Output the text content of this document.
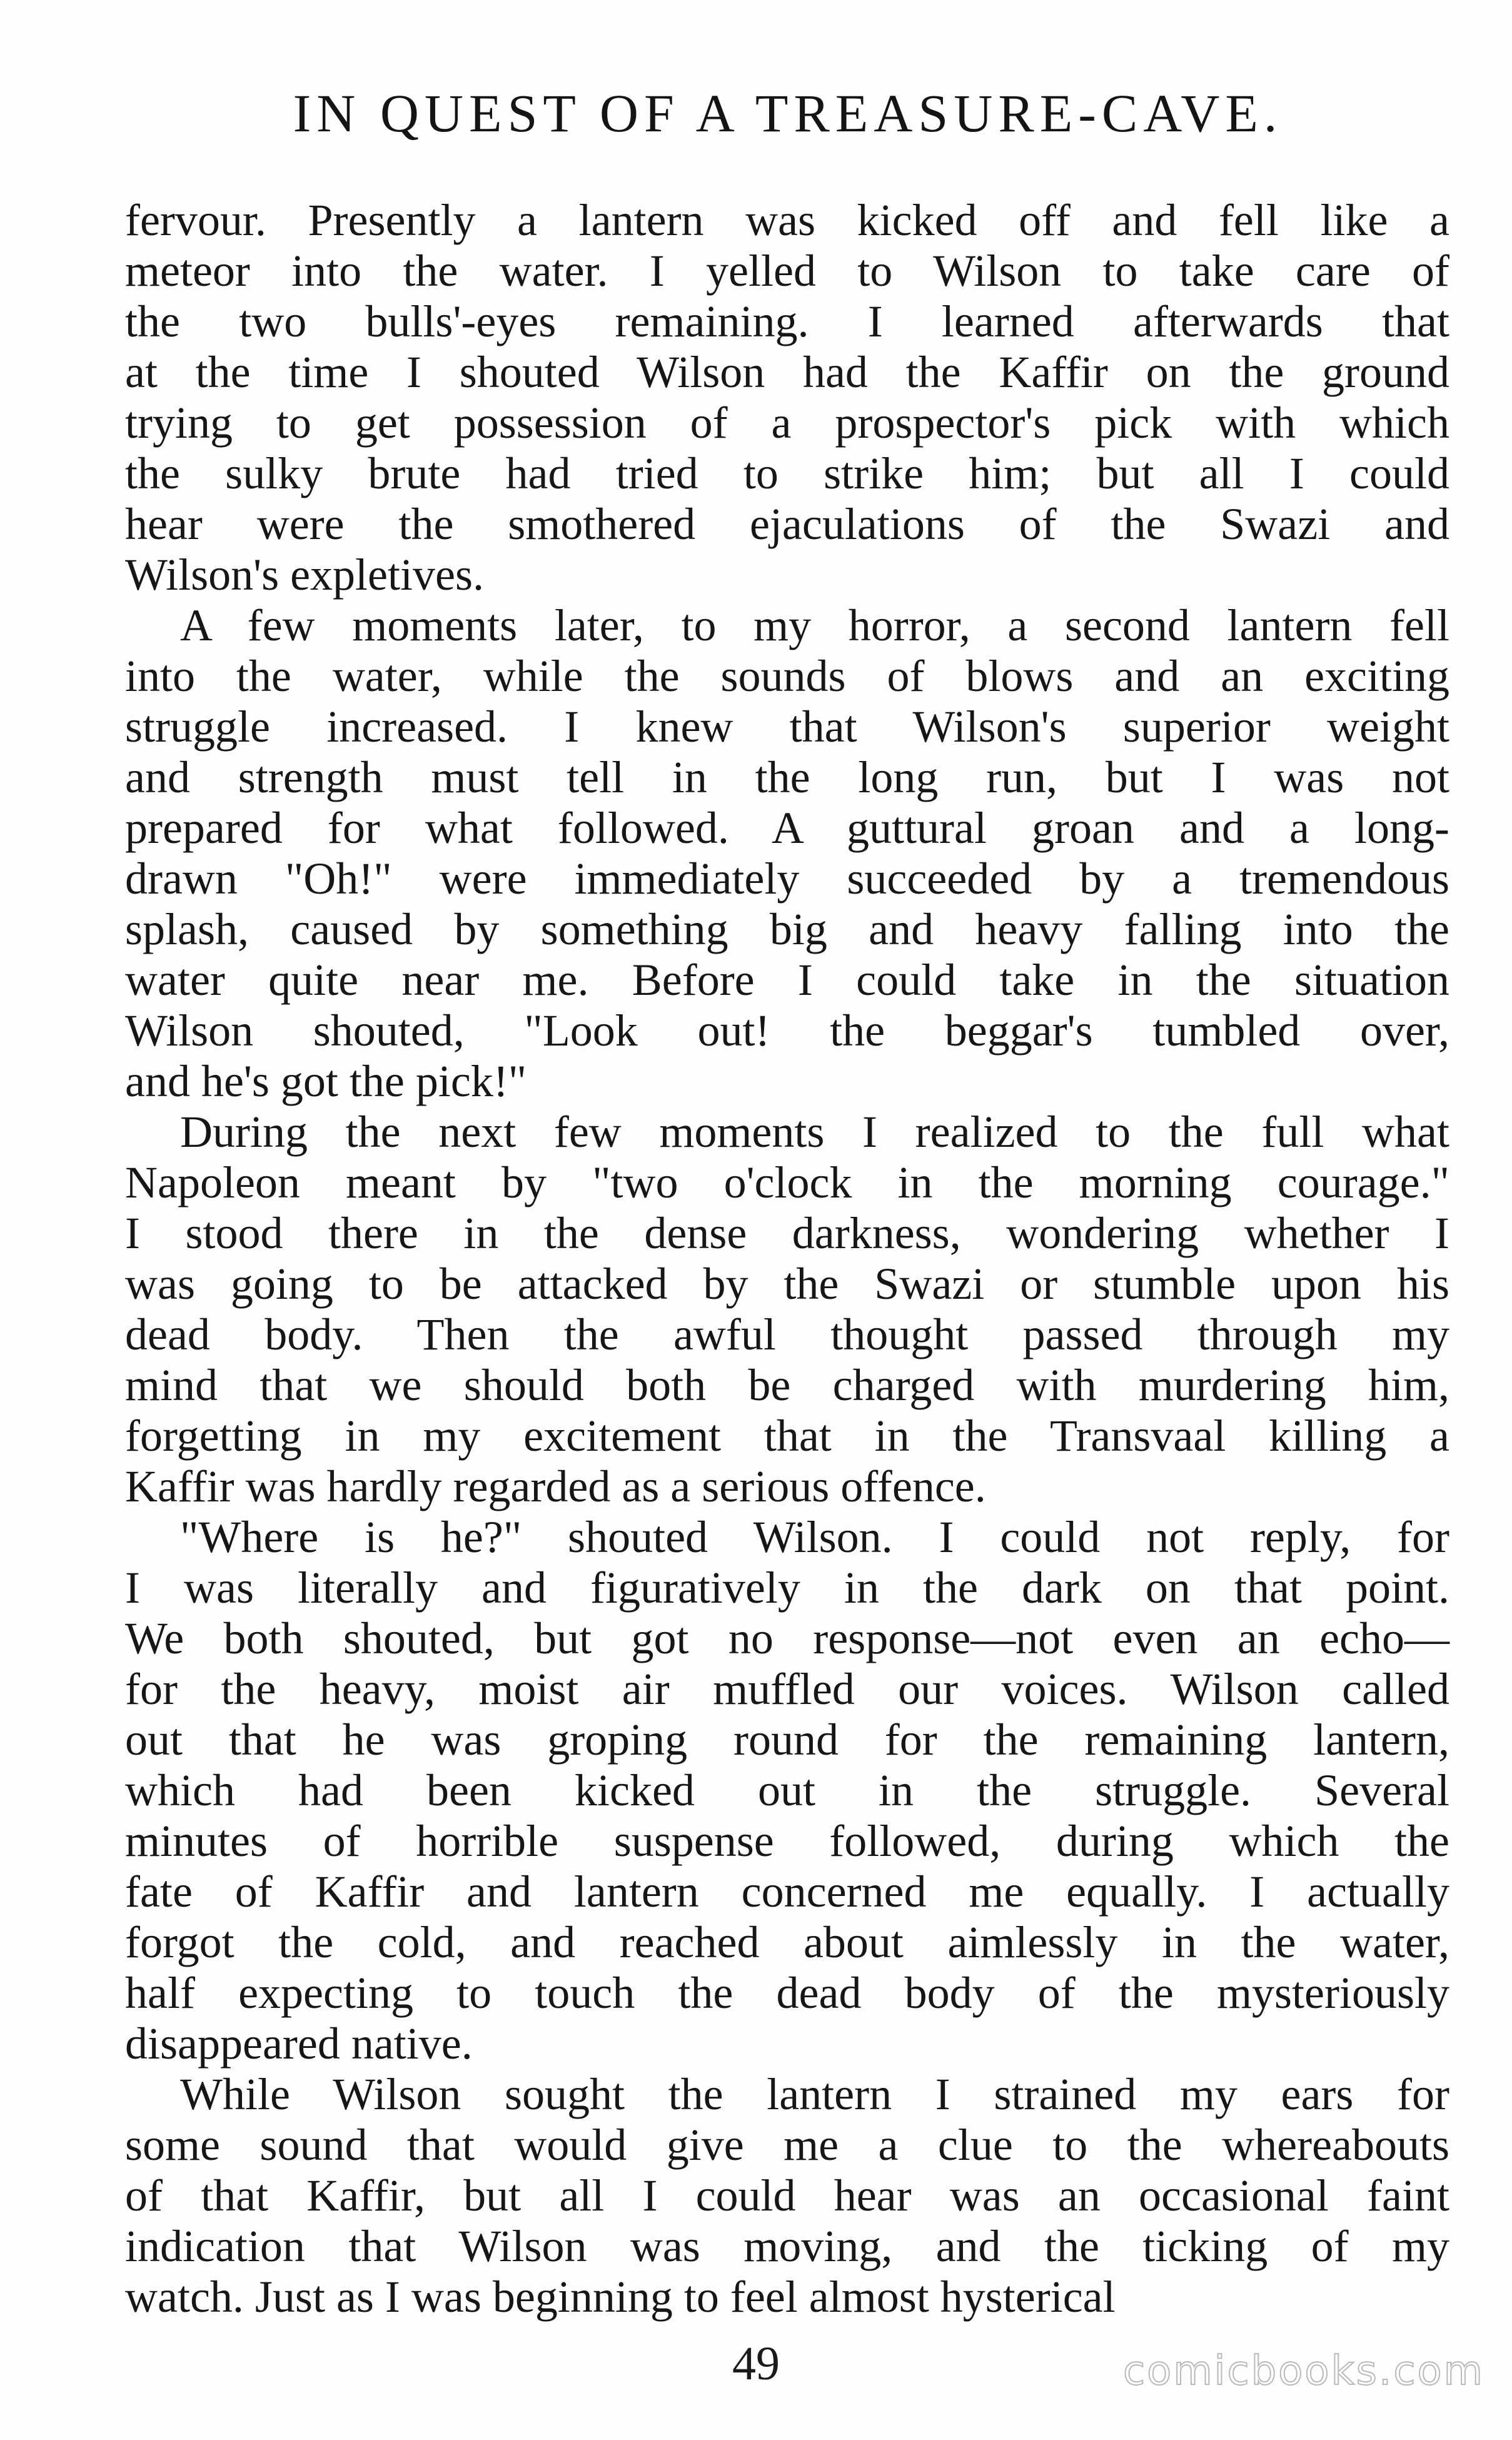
IN QUEST OF A TREASURE-CAVE.

fervour. Presently a lantern was kicked off and fell like a
meteor into the water. I yelled to Wilson to take care of
the two bulls'-eyes remaining. I learned afterwards that
at the time I shouted Wilson had the Kaffir on the ground
trying to get possession of a prospector's pick with which
the sulky brute had tried to strike him; but all I could
hear were the smothered ejaculations of the Swazi and
Wilson's expletives.

A few moments later, to my horror, a second lantern fell
into the water, while the sounds of blows and an exciting
struggle increased. I knew that Wilson's superior weight
and strength must tell in the long run, but I was not
prepared for what followed. A guttural groan and a long-
drawn "Oh!" were immediately succeeded by a tremendous
splash, caused by something big and heavy falling into the
water quite near me. Before I could take in the situation
Wilson shouted, "Look out! the beggar's tumbled over,
and he's got the pick!"

During the next few moments I realized to the full what
Napoleon meant by "two o'clock in the morning courage."
I stood there in the dense darkness, wondering whether I
was going to be attacked by the Swazi or stumble upon his
dead body. Then the awful thought passed through my
mind that we should both be charged with murdering him,
forgetting in my excitement that in the Transvaal killing a
Kaffir was hardly regarded as a serious offence.

"Where is he?" shouted Wilson. I could not reply, for
I was literally and figuratively in the dark on that point.
We both shouted, but got no response—not even an echo—
for the heavy, moist air muffled our voices. Wilson called
out that he was groping round for the remaining lantern,
which had been kicked out in the struggle. Several
minutes of horrible suspense followed, during which the
fate of Kaffir and lantern concerned me equally. I actually
forgot the cold, and reached about aimlessly in the water,
half expecting to touch the dead body of the mysteriously
disappeared native.

While Wilson sought the lantern I strained my ears for
some sound that would give me a clue to the whereabouts
of that Kaffir, but all I could hear was an occasional faint
indication that Wilson was moving, and the ticking of my
watch. Just as I was beginning to feel almost hysterical

49	comicbooks.com
